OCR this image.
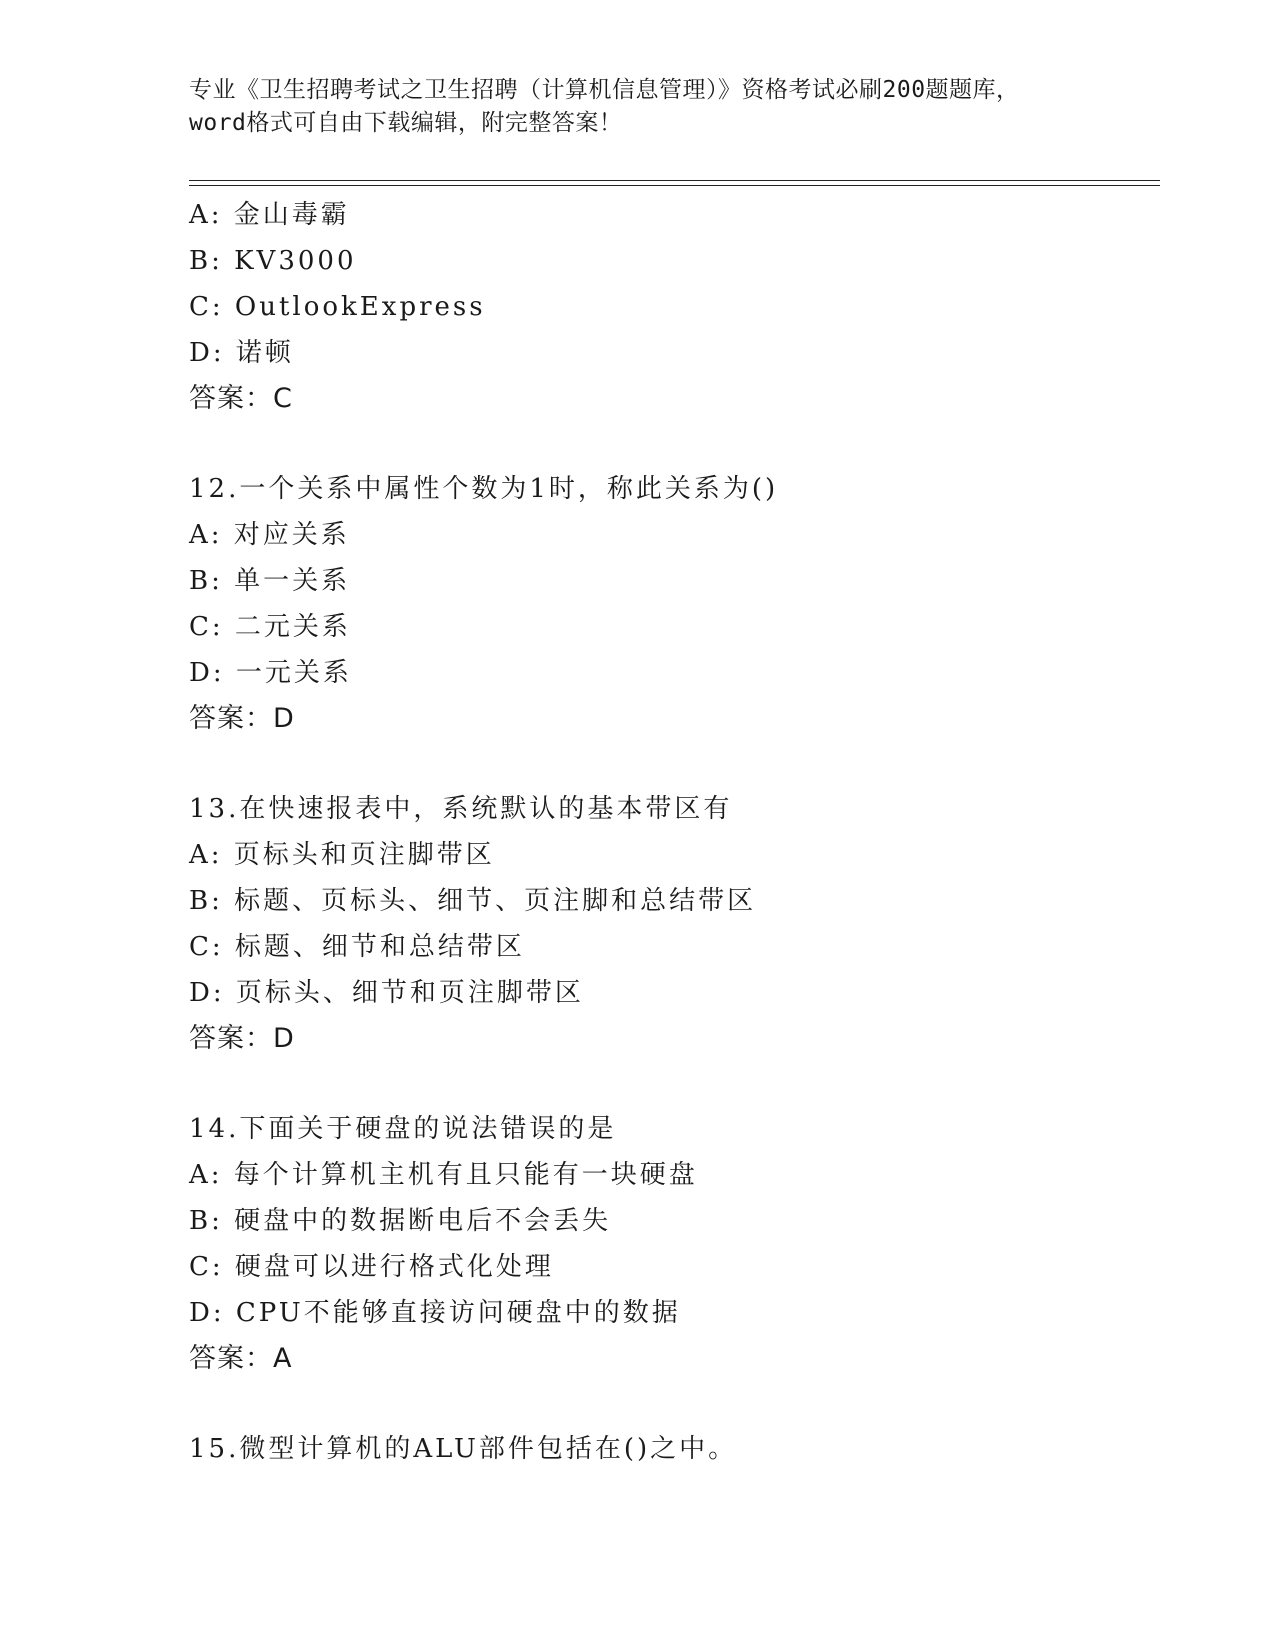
专业《卫生招聘考试之卫生招聘（计算机信息管理）》资格考试必刷200题题库，
word格式可自由下载编辑，附完整答案！
A: 金山毒霸
B: KV3000
C: OutlookExpress
D: 诺顿
答案：C
12.一个关系中属性个数为1时，称此关系为()
A: 对应关系
B: 单一关系
C: 二元关系
D: 一元关系
答案：D
13.在快速报表中，系统默认的基本带区有
A: 页标头和页注脚带区
B: 标题、页标头、细节、页注脚和总结带区
C: 标题、细节和总结带区
D: 页标头、细节和页注脚带区
答案：D
14.下面关于硬盘的说法错误的是
A: 每个计算机主机有且只能有一块硬盘
B: 硬盘中的数据断电后不会丢失
C: 硬盘可以进行格式化处理
D: CPU不能够直接访问硬盘中的数据
答案：A
15.微型计算机的ALU部件包括在()之中。
